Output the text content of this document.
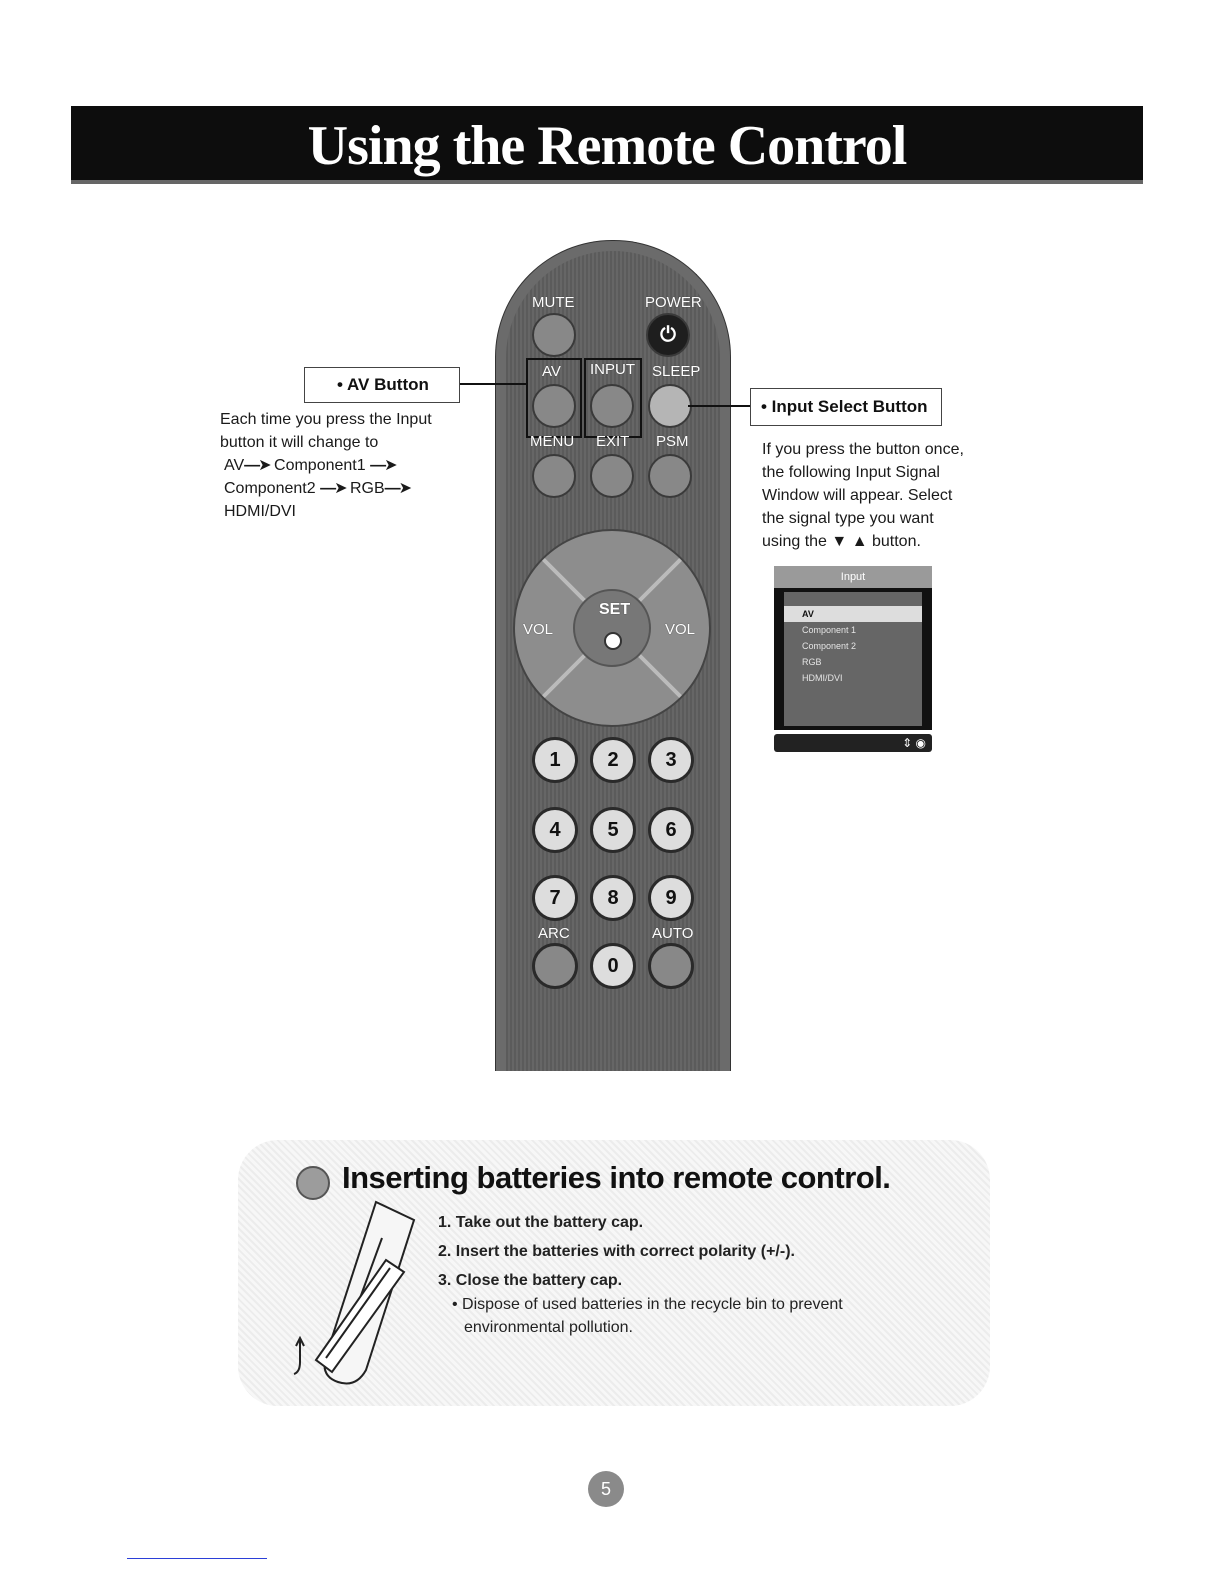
Using the Remote Control
MUTE	POWER
⏻
AV INPUT SLEEP
MENU EXIT PSM
SET
VOL	VOL
1	2	3
4	5	6
7	8	9
ARC	AUTO
0
• AV Button
Each time you press the Input
button it will change to
AV—➤ Component1 —➤
Component2 —➤ RGB—➤
HDMI/DVI
• Input Select Button
If you press the button once,
the following Input Signal
Window will appear. Select
the signal type you want
using the ▼ ▲ button.
Input
AV
Component 1
Component 2
RGB
HDMI/DVI
⇕ ◉
Inserting batteries into remote control.
1. Take out the battery cap.
2. Insert the batteries with correct polarity (+/-).
3. Close the battery cap.
• Dispose of used batteries in the recycle bin to prevent
environmental pollution.
5
